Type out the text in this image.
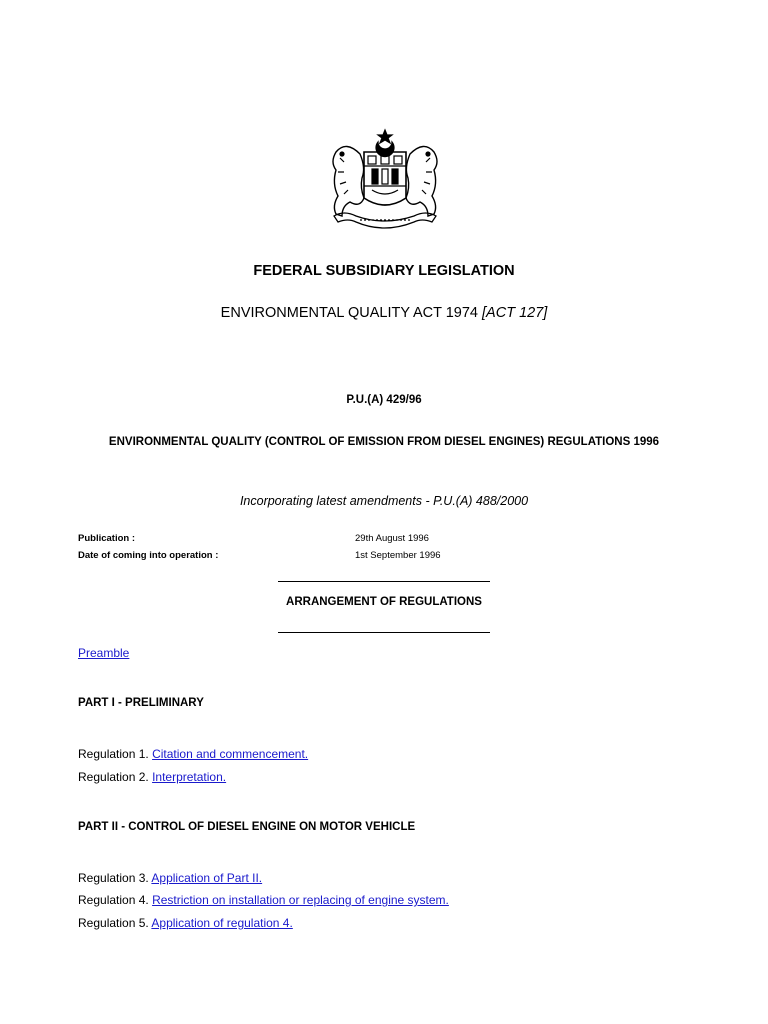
FEDERAL SUBSIDIARY LEGISLATION
ENVIRONMENTAL QUALITY ACT 1974 [ACT 127]
P.U.(A) 429/96
ENVIRONMENTAL QUALITY (CONTROL OF EMISSION FROM DIESEL ENGINES) REGULATIONS 1996
Incorporating latest amendments - P.U.(A) 488/2000
Publication :	29th August 1996
Date of coming into operation :	1st September 1996
ARRANGEMENT OF REGULATIONS
Preamble
PART I - PRELIMINARY
Regulation 1. Citation and commencement.
Regulation 2. Interpretation.
PART II - CONTROL OF DIESEL ENGINE ON MOTOR VEHICLE
Regulation 3. Application of Part II.
Regulation 4. Restriction on installation or replacing of engine system.
Regulation 5. Application of regulation 4.
